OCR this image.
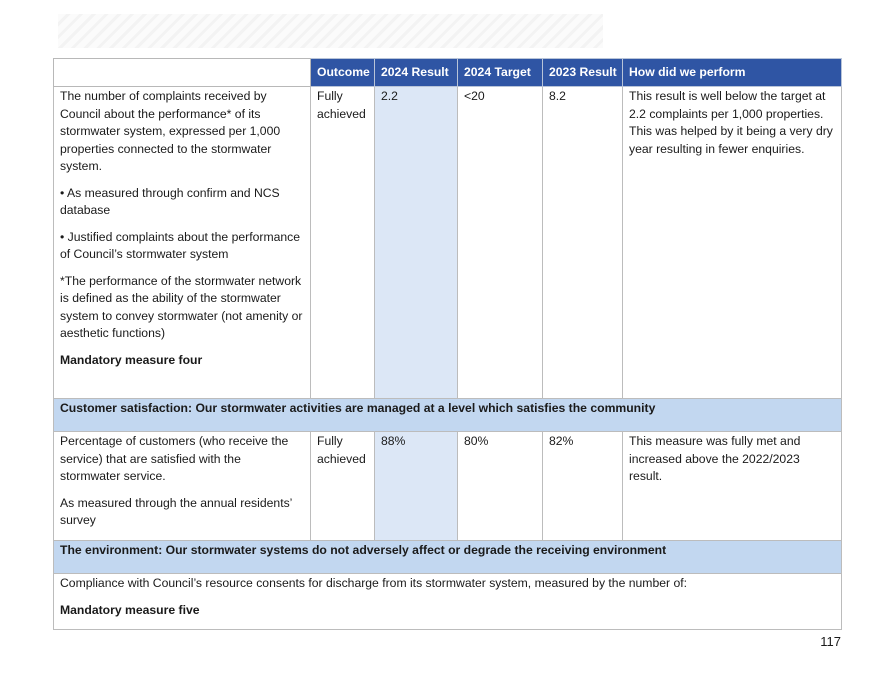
	Outcome	2024 Result	2024 Target	2023 Result	How did we perform

The number of complaints received by Council about the performance* of its stormwater system, expressed per 1,000 properties connected to the stormwater system.

• As measured through confirm and NCS database

• Justified complaints about the performance of Council’s stormwater system

*The performance of the stormwater network is defined as the ability of the stormwater system to convey stormwater (not amenity or aesthetic functions)

Mandatory measure four	Fully achieved	2.2	<20	8.2	This result is well below the target at 2.2 complaints per 1,000 properties. This was helped by it being a very dry year resulting in fewer enquiries.
Customer satisfaction: Our stormwater activities are managed at a level which satisfies the community					

Percentage of customers (who receive the service) that are satisfied with the stormwater service.

As measured through the annual residents’ survey	Fully achieved	88%	80%	82%	This measure was fully met and increased above the 2022/2023 result.
The environment: Our stormwater systems do not adversely affect or degrade the receiving environment					

Compliance with Council’s resource consents for discharge from its stormwater system, measured by the number of:

Mandatory measure five					

117
